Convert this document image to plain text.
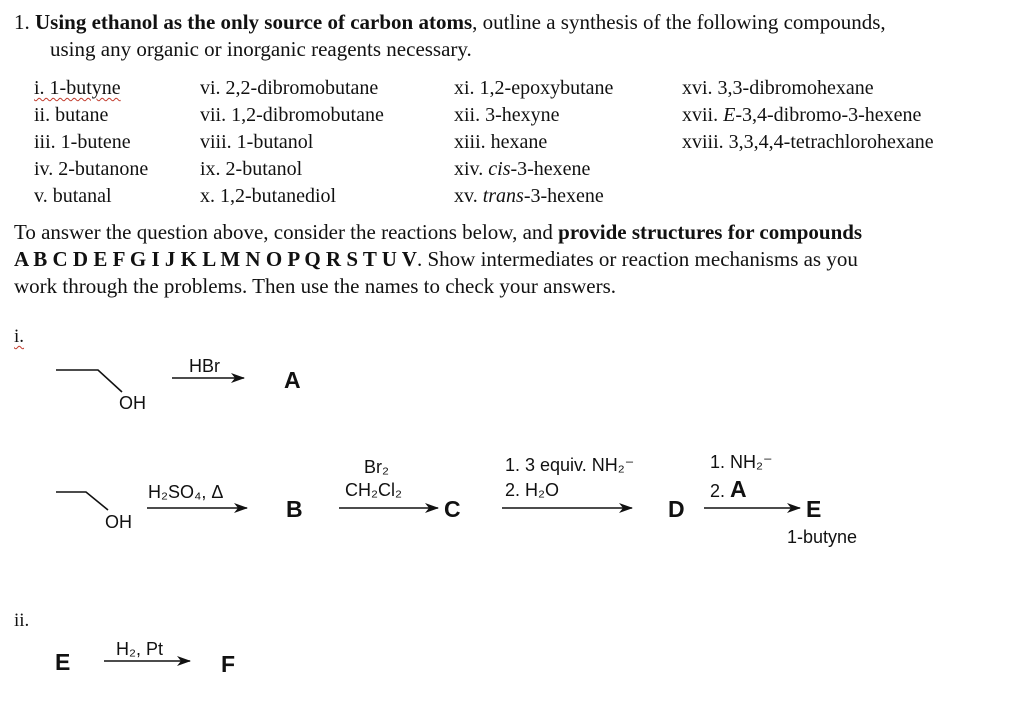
1. Using ethanol as the only source of carbon atoms, outline a synthesis of the following compounds,
using any organic or inorganic reagents necessary.
i. 1-butyne
ii. butane
iii. 1-butene
iv. 2-butanone
v. butanal
vi. 2,2-dibromobutane
vii. 1,2-dibromobutane
viii. 1-butanol
ix. 2-butanol
x. 1,2-butanediol
xi. 1,2-epoxybutane
xii. 3-hexyne
xiii. hexane
xiv. cis-3-hexene
xv. trans-3-hexene
xvi. 3,3-dibromohexane
xvii. E-3,4-dibromo-3-hexene
xviii. 3,3,4,4-tetrachlorohexane
To answer the question above, consider the reactions below, and provide structures for compounds
A B C D E F G I J K L M N O P Q R S T U V. Show intermediates or reaction mechanisms as you
work through the problems. Then use the names to check your answers.
i.
OH
HBr
A
OH
H₂SO₄, Δ
B
Br₂
CH₂Cl₂
C
1. 3 equiv. NH₂⁻
2. H₂O
D
1. NH₂⁻
2. A
E
1-butyne
ii.
E	H₂, Pt
F
